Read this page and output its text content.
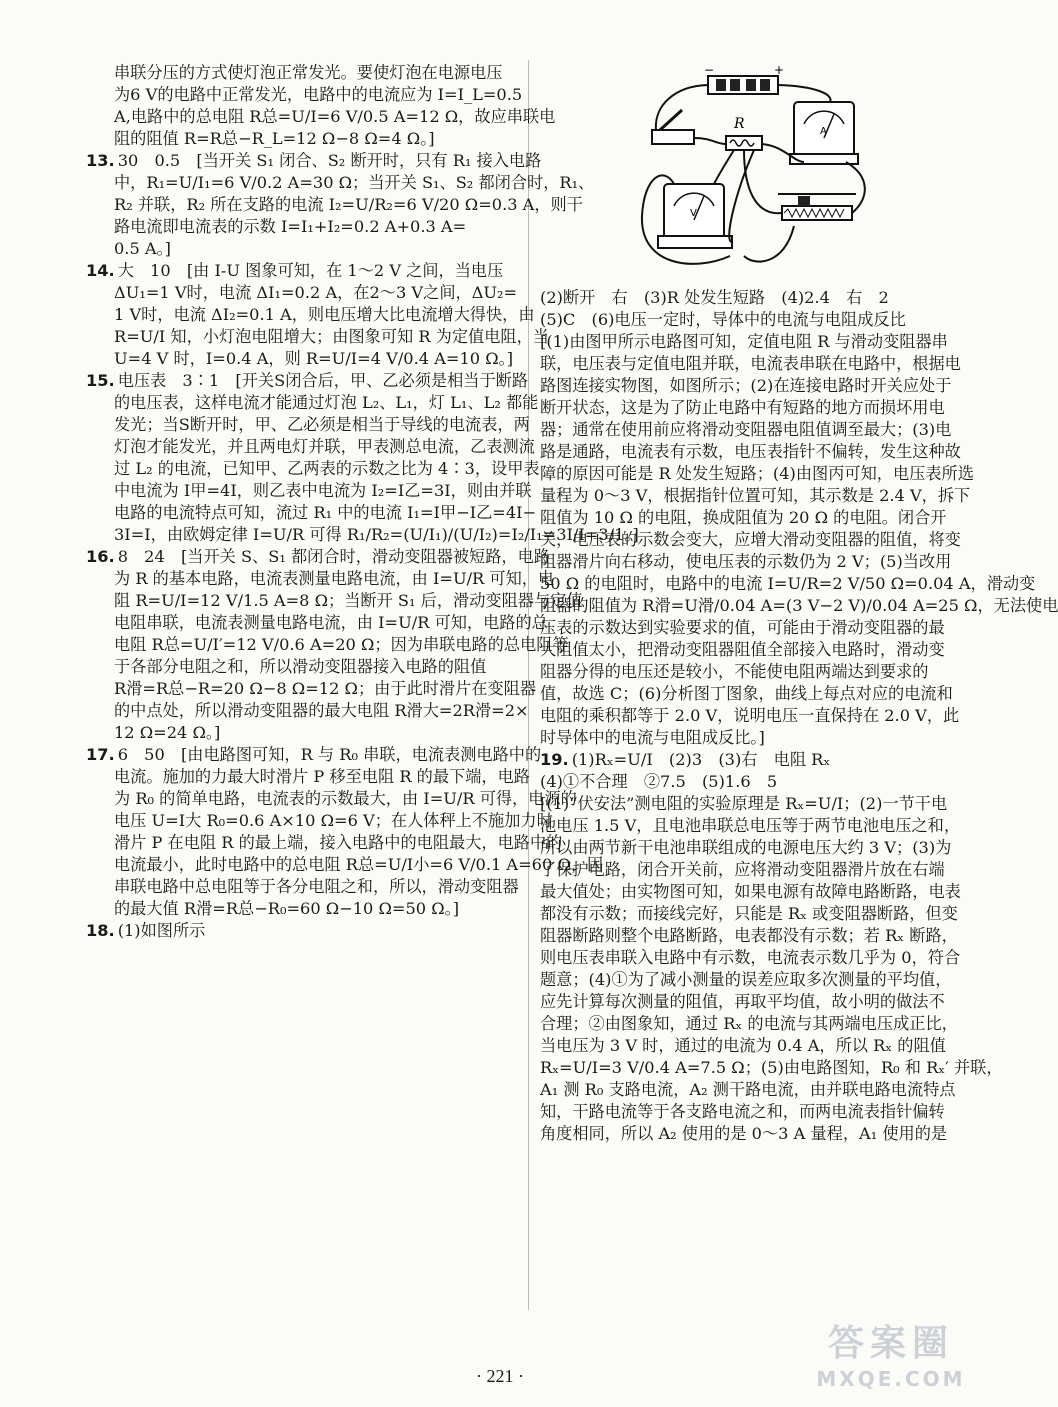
串联分压的方式使灯泡正常发光。要使灯泡在电源电压
为6 V的电路中正常发光，电路中的电流应为 I=I_L=0.5
A,电路中的总电阻 R总=U/I=6 V/0.5 A=12 Ω，故应串联电
阻的阻值 R=R总−R_L=12 Ω−8 Ω=4 Ω。]
13. 30　0.5　[当开关 S₁ 闭合、S₂ 断开时，只有 R₁ 接入电路
中，R₁=U/I₁=6 V/0.2 A=30 Ω；当开关 S₁、S₂ 都闭合时，R₁、
R₂ 并联，R₂ 所在支路的电流 I₂=U/R₂=6 V/20 Ω=0.3 A，则干
路电流即电流表的示数 I=I₁+I₂=0.2 A+0.3 A=
0.5 A。]
14. 大　10　[由 I-U 图象可知，在 1～2 V 之间，当电压
ΔU₁=1 V时，电流 ΔI₁=0.2 A，在2～3 V之间，ΔU₂=
1 V时，电流 ΔI₂=0.1 A，则电压增大比电流增大得快，由
R=U/I 知，小灯泡电阻增大；由图象可知 R 为定值电阻，当
U=4 V 时，I=0.4 A，则 R=U/I=4 V/0.4 A=10 Ω。]
15. 电压表　3∶1　[开关S闭合后，甲、乙必须是相当于断路
的电压表，这样电流才能通过灯泡 L₂、L₁，灯 L₁、L₂ 都能
发光；当S断开时，甲、乙必须是相当于导线的电流表，两
灯泡才能发光，并且两电灯并联，甲表测总电流，乙表测流
过 L₂ 的电流，已知甲、乙两表的示数之比为 4∶3，设甲表
中电流为 I甲=4I，则乙表中电流为 I₂=I乙=3I，则由并联
电路的电流特点可知，流过 R₁ 中的电流 I₁=I甲−I乙=4I−
3I=I，由欧姆定律 I=U/R 可得 R₁/R₂=(U/I₁)/(U/I₂)=I₂/I₁=3I/I=3/1。]
16. 8　24　[当开关 S、S₁ 都闭合时，滑动变阻器被短路，电路
为 R 的基本电路，电流表测量电路电流，由 I=U/R 可知，电
阻 R=U/I=12 V/1.5 A=8 Ω；当断开 S₁ 后，滑动变阻器与定值
电阻串联，电流表测量电路电流，由 I=U/R 可知，电路的总
电阻 R总=U/I′=12 V/0.6 A=20 Ω；因为串联电路的总电阻等
于各部分电阻之和，所以滑动变阻器接入电路的阻值
R滑=R总−R=20 Ω−8 Ω=12 Ω；由于此时滑片在变阻器
的中点处，所以滑动变阻器的最大电阻 R滑大=2R滑=2×
12 Ω=24 Ω。]
17. 6　50　[由电路图可知，R 与 R₀ 串联，电流表测电路中的
电流。施加的力最大时滑片 P 移至电阻 R 的最下端，电路
为 R₀ 的简单电路，电流表的示数最大，由 I=U/R 可得，电源的
电压 U=I大 R₀=0.6 A×10 Ω=6 V；在人体秤上不施加力时
滑片 P 在电阻 R 的最上端，接入电路中的电阻最大，电路中的
电流最小，此时电路中的总电阻 R总=U/I小=6 V/0.1 A=60 Ω，因
串联电路中总电阻等于各分电阻之和，所以，滑动变阻器
的最大值 R滑=R总−R₀=60 Ω−10 Ω=50 Ω。]
18. (1)如图所示
−	+
R	A
V
(2)断开　右　(3)R 处发生短路　(4)2.4　右　2
(5)C　(6)电压一定时，导体中的电流与电阻成反比
[(1)由图甲所示电路图可知，定值电阻 R 与滑动变阻器串
联，电压表与定值电阻并联，电流表串联在电路中，根据电
路图连接实物图，如图所示；(2)在连接电路时开关应处于
断开状态，这是为了防止电路中有短路的地方而损坏用电
器；通常在使用前应将滑动变阻器电阻值调至最大；(3)电
路是通路，电流表有示数，电压表指针不偏转，发生这种故
障的原因可能是 R 处发生短路；(4)由图丙可知，电压表所选
量程为 0～3 V，根据指针位置可知，其示数是 2.4 V，拆下
阻值为 10 Ω 的电阻，换成阻值为 20 Ω 的电阻。闭合开
关，电压表的示数会变大，应增大滑动变阻器的阻值，将变
阻器滑片向右移动，使电压表的示数仍为 2 V；(5)当改用
50 Ω 的电阻时，电路中的电流 I=U/R=2 V/50 Ω=0.04 A，滑动变
阻器的阻值为 R滑=U滑/0.04 A=(3 V−2 V)/0.04 A=25 Ω，无法使电
压表的示数达到实验要求的值，可能由于滑动变阻器的最
大阻值太小，把滑动变阻器阻值全部接入电路时，滑动变
阻器分得的电压还是较小，不能使电阻两端达到要求的
值，故选 C；(6)分析图丁图象，曲线上每点对应的电流和
电阻的乘积都等于 2.0 V，说明电压一直保持在 2.0 V，此
时导体中的电流与电阻成反比。]
19. (1)Rₓ=U/I　(2)3　(3)右　电阻 Rₓ
(4)①不合理　②7.5　(5)1.6　5
[(1)“伏安法”测电阻的实验原理是 Rₓ=U/I；(2)一节干电
池电压 1.5 V，且电池串联总电压等于两节电池电压之和，
所以由两节新干电池串联组成的电源电压大约 3 V；(3)为
了保护电路，闭合开关前，应将滑动变阻器滑片放在右端
最大值处；由实物图可知，如果电源有故障电路断路，电表
都没有示数；而接线完好，只能是 Rₓ 或变阻器断路，但变
阻器断路则整个电路断路，电表都没有示数；若 Rₓ 断路，
则电压表串联入电路中有示数，电流表示数几乎为 0，符合
题意；(4)①为了减小测量的误差应取多次测量的平均值，
应先计算每次测量的阻值，再取平均值，故小明的做法不
合理；②由图象知，通过 Rₓ 的电流与其两端电压成正比，
当电压为 3 V 时，通过的电流为 0.4 A，所以 Rₓ 的阻值
Rₓ=U/I=3 V/0.4 A=7.5 Ω；(5)由电路图知，R₀ 和 Rₓ′ 并联，
A₁ 测 R₀ 支路电流，A₂ 测干路电流，由并联电路电流特点
知，干路电流等于各支路电流之和，而两电流表指针偏转
角度相同，所以 A₂ 使用的是 0～3 A 量程，A₁ 使用的是
· 221 ·
答案圈
MXQE.COM
